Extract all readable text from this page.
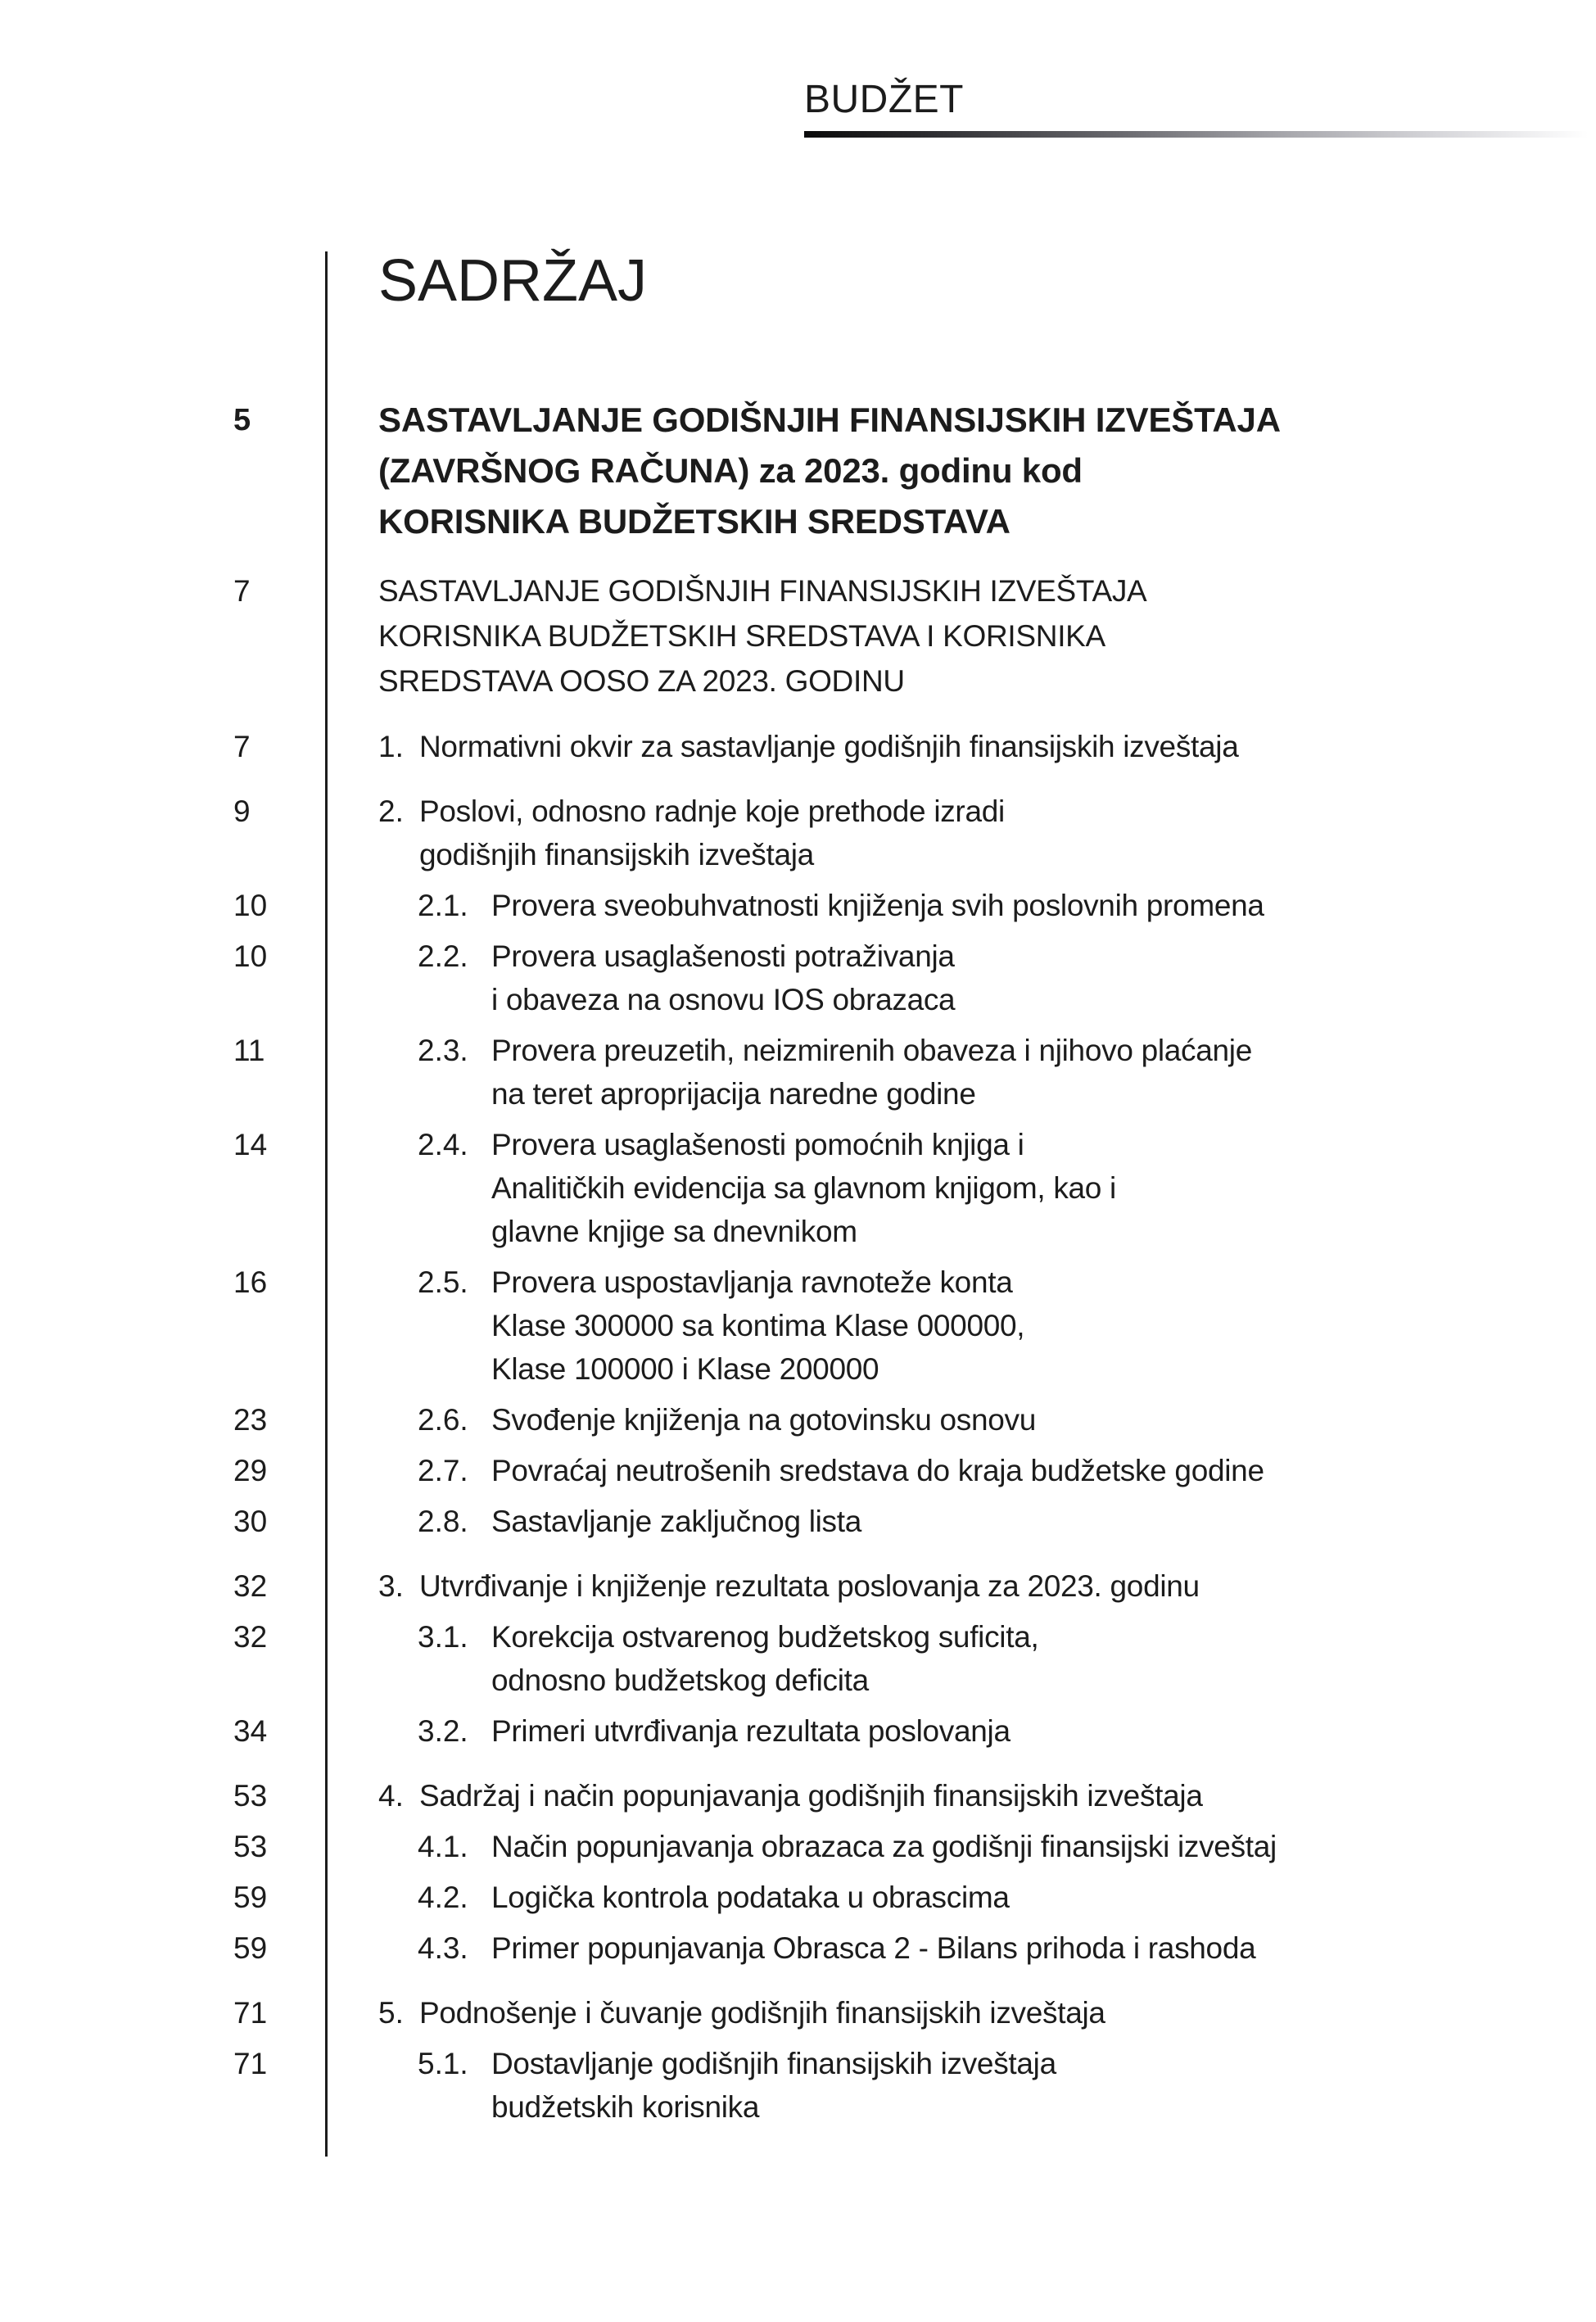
BUDŽET
SADRŽAJ
5	SASTAVLJANJE GODIŠNJIH FINANSIJSKIH IZVEŠTAJA
(ZAVRŠNOG RAČUNA) za 2023. godinu kod
KORISNIKA BUDŽETSKIH SREDSTAVA
7	SASTAVLJANJE GODIŠNJIH FINANSIJSKIH IZVEŠTAJA
KORISNIKA BUDŽETSKIH SREDSTAVA I KORISNIKA
SREDSTAVA OOSO ZA 2023. GODINU
7	1. Normativni okvir za sastavljanje godišnjih finansijskih izveštaja
9	2. Poslovi, odnosno radnje koje prethode izradi
godišnjih finansijskih izveštaja
10	2.1. Provera sveobuhvatnosti knjiženja svih poslovnih promena
10	2.2. Provera usaglašenosti potraživanja
i obaveza na osnovu IOS obrazaca
11	2.3. Provera preuzetih, neizmirenih obaveza i njihovo plaćanje
na teret aproprijacija naredne godine
14	2.4. Provera usaglašenosti pomoćnih knjiga i
Analitičkih evidencija sa glavnom knjigom, kao i
glavne knjige sa dnevnikom
16	2.5. Provera uspostavljanja ravnoteže konta
Klase 300000 sa kontima Klase 000000,
Klase 100000 i Klase 200000
23	2.6. Svođenje knjiženja na gotovinsku osnovu
29	2.7. Povraćaj neutrošenih sredstava do kraja budžetske godine
30	2.8. Sastavljanje zaključnog lista
32	3. Utvrđivanje i knjiženje rezultata poslovanja za 2023. godinu
32	3.1. Korekcija ostvarenog budžetskog suficita,
odnosno budžetskog deficita
34	3.2. Primeri utvrđivanja rezultata poslovanja
53	4. Sadržaj i način popunjavanja godišnjih finansijskih izveštaja
53	4.1. Način popunjavanja obrazaca za godišnji finansijski izveštaj
59	4.2. Logička kontrola podataka u obrascima
59	4.3. Primer popunjavanja Obrasca 2 - Bilans prihoda i rashoda
71	5. Podnošenje i čuvanje godišnjih finansijskih izveštaja
71	5.1. Dostavljanje godišnjih finansijskih izveštaja
budžetskih korisnika
